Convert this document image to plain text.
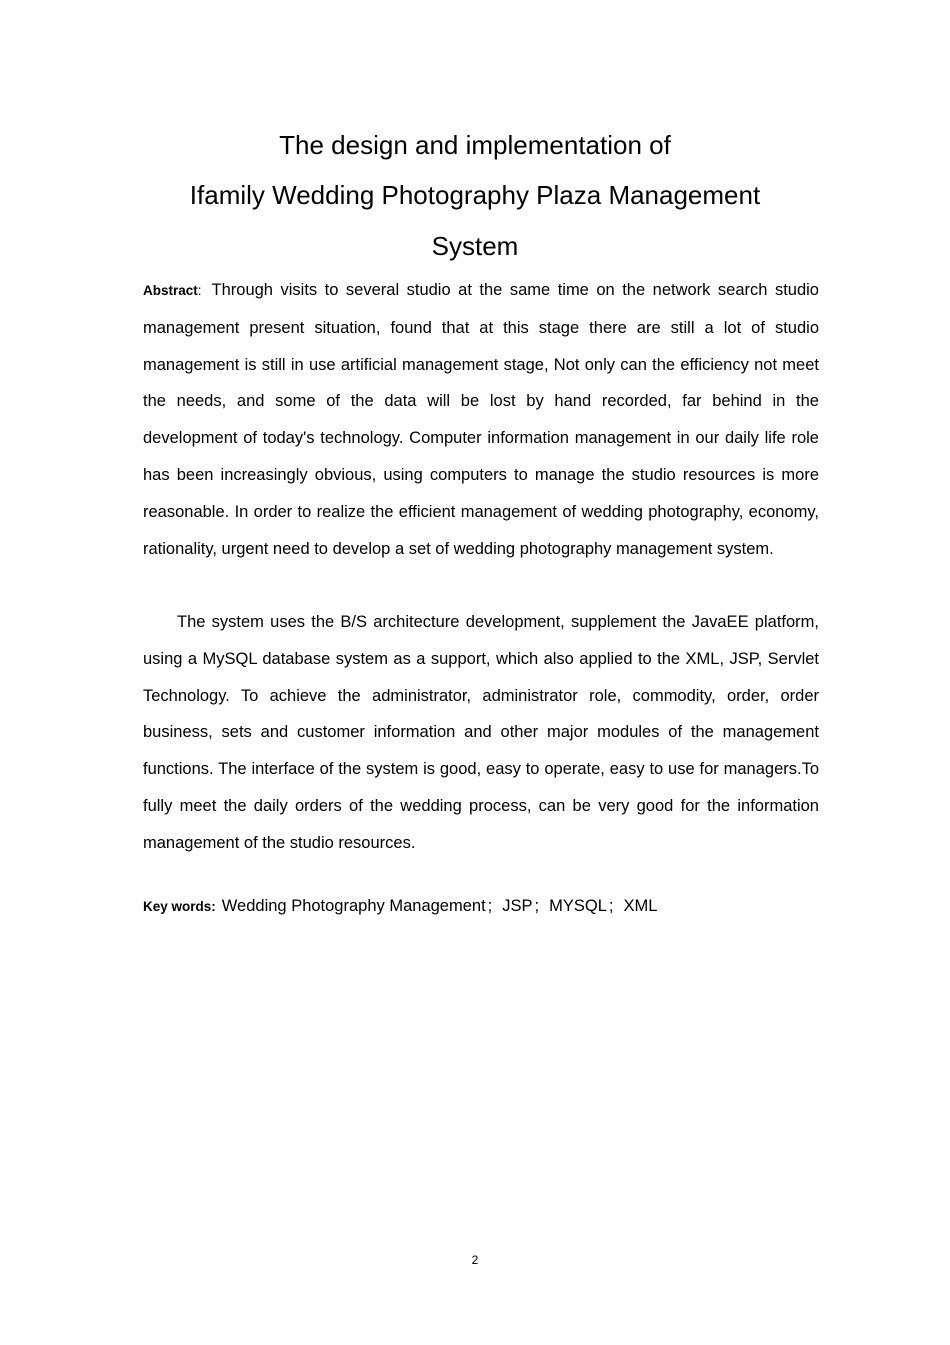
The design and implementation of
Ifamily Wedding Photography Plaza Management
System

Abstract: Through visits to several studio at the same time on the network search studio management present situation, found that at this stage there are still a lot of studio management is still in use artificial management stage, Not only can the efficiency not meet the needs, and some of the data will be lost by hand recorded, far behind in the development of today's technology. Computer information management in our daily life role has been increasingly obvious, using computers to manage the studio resources is more reasonable. In order to realize the efficient management of wedding photography, economy, rationality, urgent need to develop a set of wedding photography management system.

The system uses the B/S architecture development, supplement the JavaEE platform, using a MySQL database system as a support, which also applied to the XML, JSP, Servlet Technology. To achieve the administrator, administrator role, commodity, order, order business, sets and customer information and other major modules of the management functions. The interface of the system is good, easy to operate, easy to use for managers.To fully meet the daily orders of the wedding process, can be very good for the information management of the studio resources.

Key words: Wedding Photography Management ; JSP ; MYSQL ; XML

2
